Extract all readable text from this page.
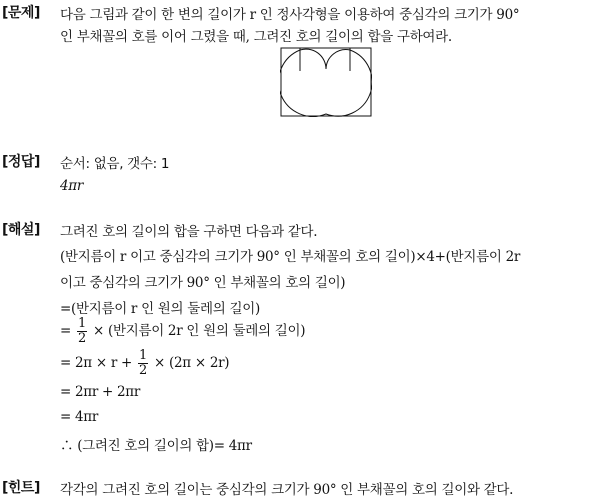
[문제] 다음 그림과 같이 한 변의 길이가 r 인 정사각형을 이용하여 중심각의 크기가 90°
인 부채꼴의 호를 이어 그렸을 때, 그려진 호의 길이의 합을 구하여라.
[정답] 순서: 없음, 갯수: 1
4πr
[해설] 그려진 호의 길이의 합을 구하면 다음과 같다.
(반지름이 r 이고 중심각의 크기가 90° 인 부채꼴의 호의 길이)×4+(반지름이 2r
이고 중심각의 크기가 90° 인 부채꼴의 호의 길이)
=(반지름이 r 인 원의 둘레의 길이)
= $\frac{1}{2}$ × (반지름이 2r 인 원의 둘레의 길이)
= $2\pi \times r + \frac{1}{2} \times (2\pi \times 2r)$
= 2πr + 2πr
= 4πr
∴ (그려진 호의 길이의 합)= 4πr
[힌트] 각각의 그려진 호의 길이는 중심각의 크기가 90° 인 부채꼴의 호의 길이와 같다.
